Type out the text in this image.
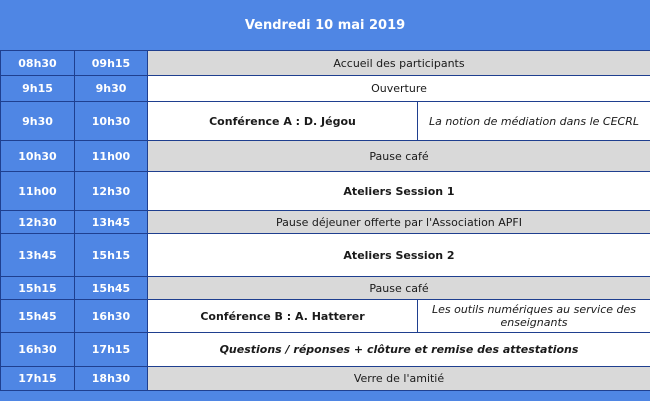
Vendredi 10 mai 2019
08h30	09h15	Accueil des participants	
9h15	9h30	Ouverture	
9h30	10h30	Conférence A : D. Jégou	La notion de médiation dans le CECRL
10h30	11h00	Pause café	
11h00	12h30	Ateliers Session 1	
12h30	13h45	Pause déjeuner offerte par l'Association APFI	
13h45	15h15	Ateliers Session 2	
15h15	15h45	Pause café	
15h45	16h30	Conférence B : A. Hatterer	Les outils numériques au service des enseignants
16h30	17h15	Questions / réponses + clôture et remise des attestations	
17h15	18h30	Verre de l'amitié	
